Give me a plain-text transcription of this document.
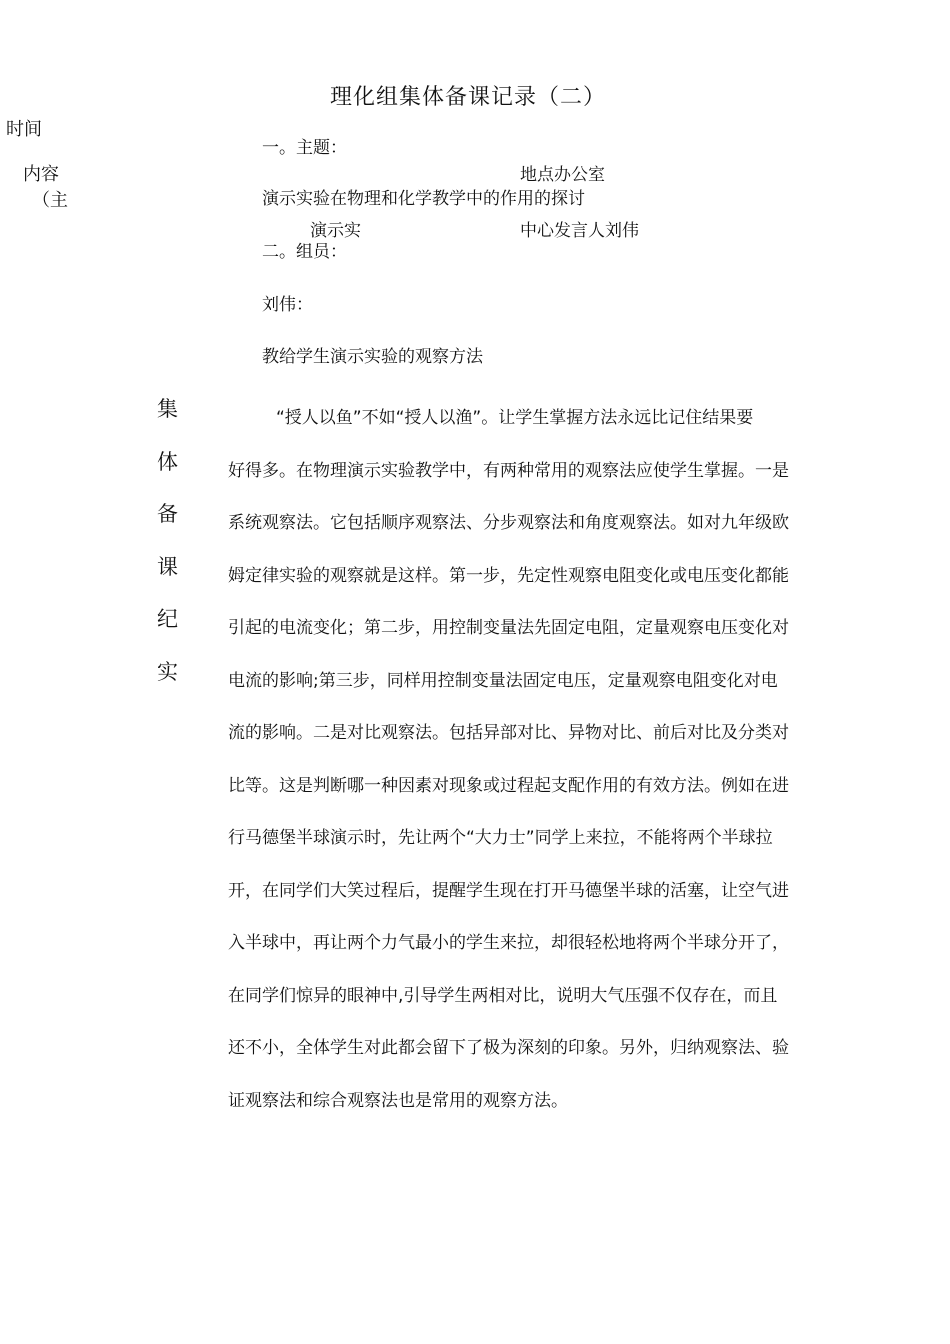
理化组集体备课记录（二）
时间
内容
（主
地点办公室
演示实	中心发言人刘伟
一。主题：
演示实验在物理和化学教学中的作用的探讨
二。组员：
刘伟：
教给学生演示实验的观察方法
集
体
备
课
纪
实
“授人以鱼”不如“授人以渔”。让学生掌握方法永远比记住结果要
好得多。在物理演示实验教学中，有两种常用的观察法应使学生掌握。一是
系统观察法。它包括顺序观察法、分步观察法和角度观察法。如对九年级欧
姆定律实验的观察就是这样。第一步，先定性观察电阻变化或电压变化都能
引起的电流变化；第二步，用控制变量法先固定电阻，定量观察电压变化对
电流的影响;第三步，同样用控制变量法固定电压，定量观察电阻变化对电
流的影响。二是对比观察法。包括异部对比、异物对比、前后对比及分类对
比等。这是判断哪一种因素对现象或过程起支配作用的有效方法。例如在进
行马德堡半球演示时，先让两个“大力士”同学上来拉，不能将两个半球拉
开，在同学们大笑过程后，提醒学生现在打开马德堡半球的活塞，让空气进
入半球中，再让两个力气最小的学生来拉，却很轻松地将两个半球分开了，
在同学们惊异的眼神中,引导学生两相对比，说明大气压强不仅存在，而且
还不小，全体学生对此都会留下了极为深刻的印象。另外，归纳观察法、验
证观察法和综合观察法也是常用的观察方法。
